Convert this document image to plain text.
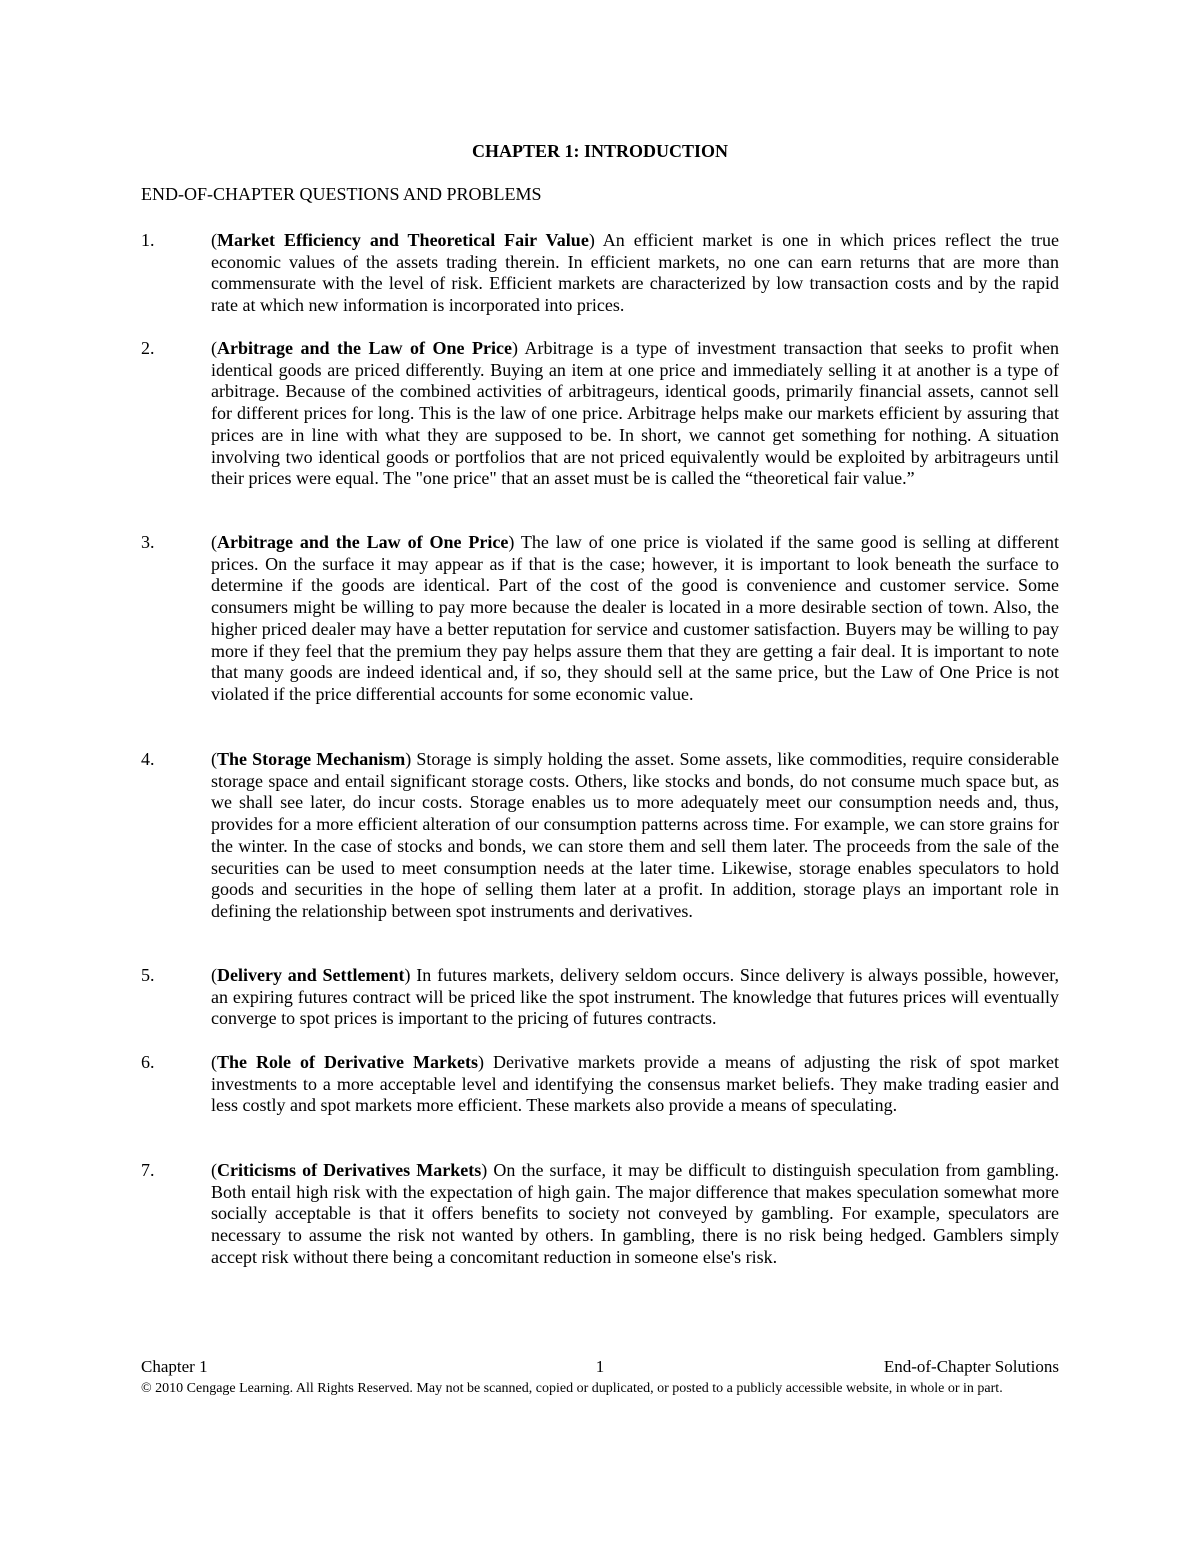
CHAPTER 1: INTRODUCTION
END-OF-CHAPTER QUESTIONS AND PROBLEMS
1.	(Market Efficiency and Theoretical Fair Value) An efficient market is one in which prices reflect the true economic values of the assets trading therein. In efficient markets, no one can earn returns that are more than commensurate with the level of risk. Efficient markets are characterized by low transaction costs and by the rapid rate at which new information is incorporated into prices.

2.	(Arbitrage and the Law of One Price) Arbitrage is a type of investment transaction that seeks to profit when identical goods are priced differently. Buying an item at one price and immediately selling it at another is a type of arbitrage. Because of the combined activities of arbitrageurs, identical goods, primarily financial assets, cannot sell for different prices for long. This is the law of one price. Arbitrage helps make our markets efficient by assuring that prices are in line with what they are supposed to be. In short, we cannot get something for nothing. A situation involving two identical goods or portfolios that are not priced equivalently would be exploited by arbitrageurs until their prices were equal. The "one price" that an asset must be is called the “theoretical fair value.”

3.	(Arbitrage and the Law of One Price) The law of one price is violated if the same good is selling at different prices. On the surface it may appear as if that is the case; however, it is important to look beneath the surface to determine if the goods are identical. Part of the cost of the good is convenience and customer service. Some consumers might be willing to pay more because the dealer is located in a more desirable section of town. Also, the higher priced dealer may have a better reputation for service and customer satisfaction. Buyers may be willing to pay more if they feel that the premium they pay helps assure them that they are getting a fair deal. It is important to note that many goods are indeed identical and, if so, they should sell at the same price, but the Law of One Price is not violated if the price differential accounts for some economic value.

4.	(The Storage Mechanism) Storage is simply holding the asset. Some assets, like commodities, require considerable storage space and entail significant storage costs. Others, like stocks and bonds, do not consume much space but, as we shall see later, do incur costs. Storage enables us to more adequately meet our consumption needs and, thus, provides for a more efficient alteration of our consumption patterns across time. For example, we can store grains for the winter. In the case of stocks and bonds, we can store them and sell them later. The proceeds from the sale of the securities can be used to meet consumption needs at the later time. Likewise, storage enables speculators to hold goods and securities in the hope of selling them later at a profit. In addition, storage plays an important role in defining the relationship between spot instruments and derivatives.

5.	(Delivery and Settlement) In futures markets, delivery seldom occurs. Since delivery is always possible, however, an expiring futures contract will be priced like the spot instrument. The knowledge that futures prices will eventually converge to spot prices is important to the pricing of futures contracts.

6.	(The Role of Derivative Markets) Derivative markets provide a means of adjusting the risk of spot market investments to a more acceptable level and identifying the consensus market beliefs. They make trading easier and less costly and spot markets more efficient. These markets also provide a means of speculating.

7.	(Criticisms of Derivatives Markets) On the surface, it may be difficult to distinguish speculation from gambling. Both entail high risk with the expectation of high gain. The major difference that makes speculation somewhat more socially acceptable is that it offers benefits to society not conveyed by gambling. For example, speculators are necessary to assume the risk not wanted by others. In gambling, there is no risk being hedged. Gamblers simply accept risk without there being a concomitant reduction in someone else's risk.

Chapter 1	1	End-of-Chapter Solutions

© 2010 Cengage Learning. All Rights Reserved. May not be scanned, copied or duplicated, or posted to a publicly accessible website, in whole or in part.
